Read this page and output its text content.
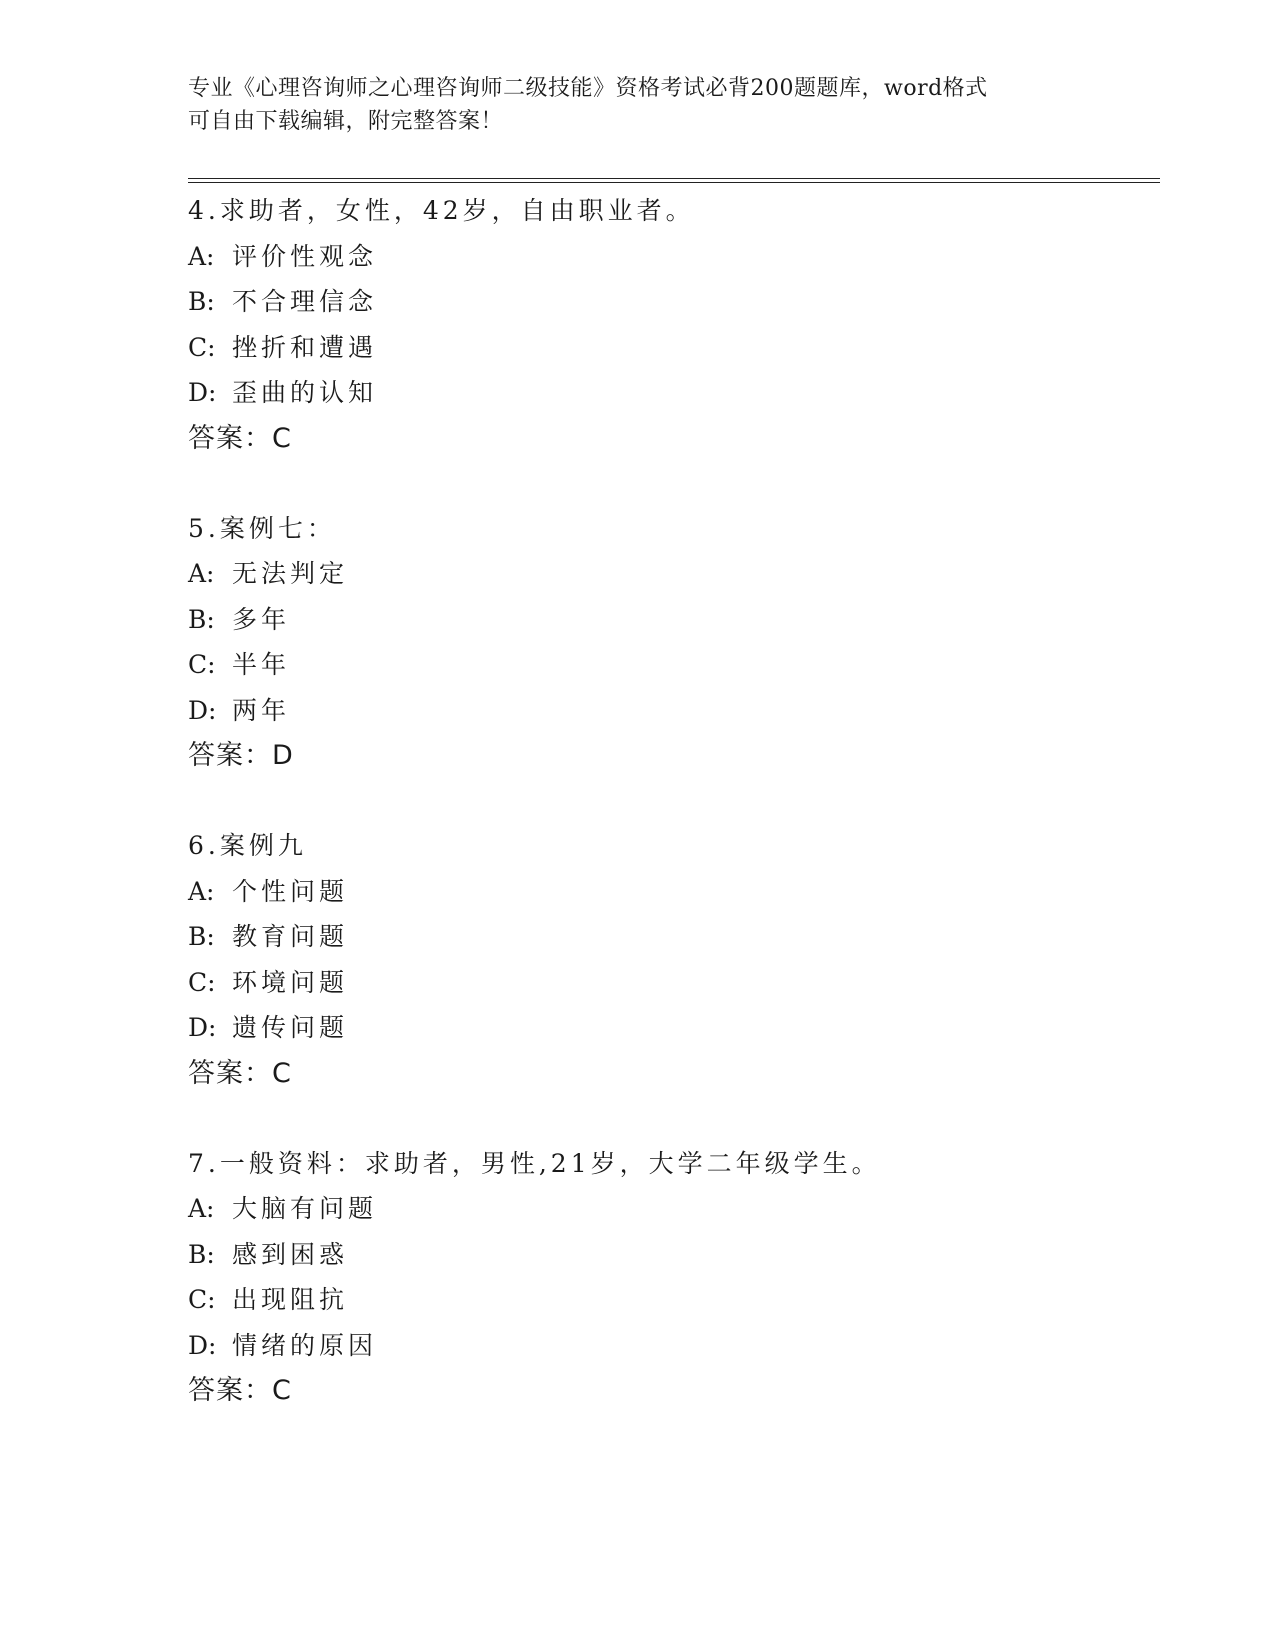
专业《心理咨询师之心理咨询师二级技能》资格考试必背200题题库，word格式
可自由下载编辑，附完整答案！
4.求助者，女性，42岁，自由职业者。
A: 评价性观念
B: 不合理信念
C: 挫折和遭遇
D: 歪曲的认知
答案：C
5.案例七：
A: 无法判定
B: 多年
C: 半年
D: 两年
答案：D
6.案例九
A: 个性问题
B: 教育问题
C: 环境问题
D: 遗传问题
答案：C
7.一般资料：求助者，男性,21岁，大学二年级学生。
A: 大脑有问题
B: 感到困惑
C: 出现阻抗
D: 情绪的原因
答案：C
